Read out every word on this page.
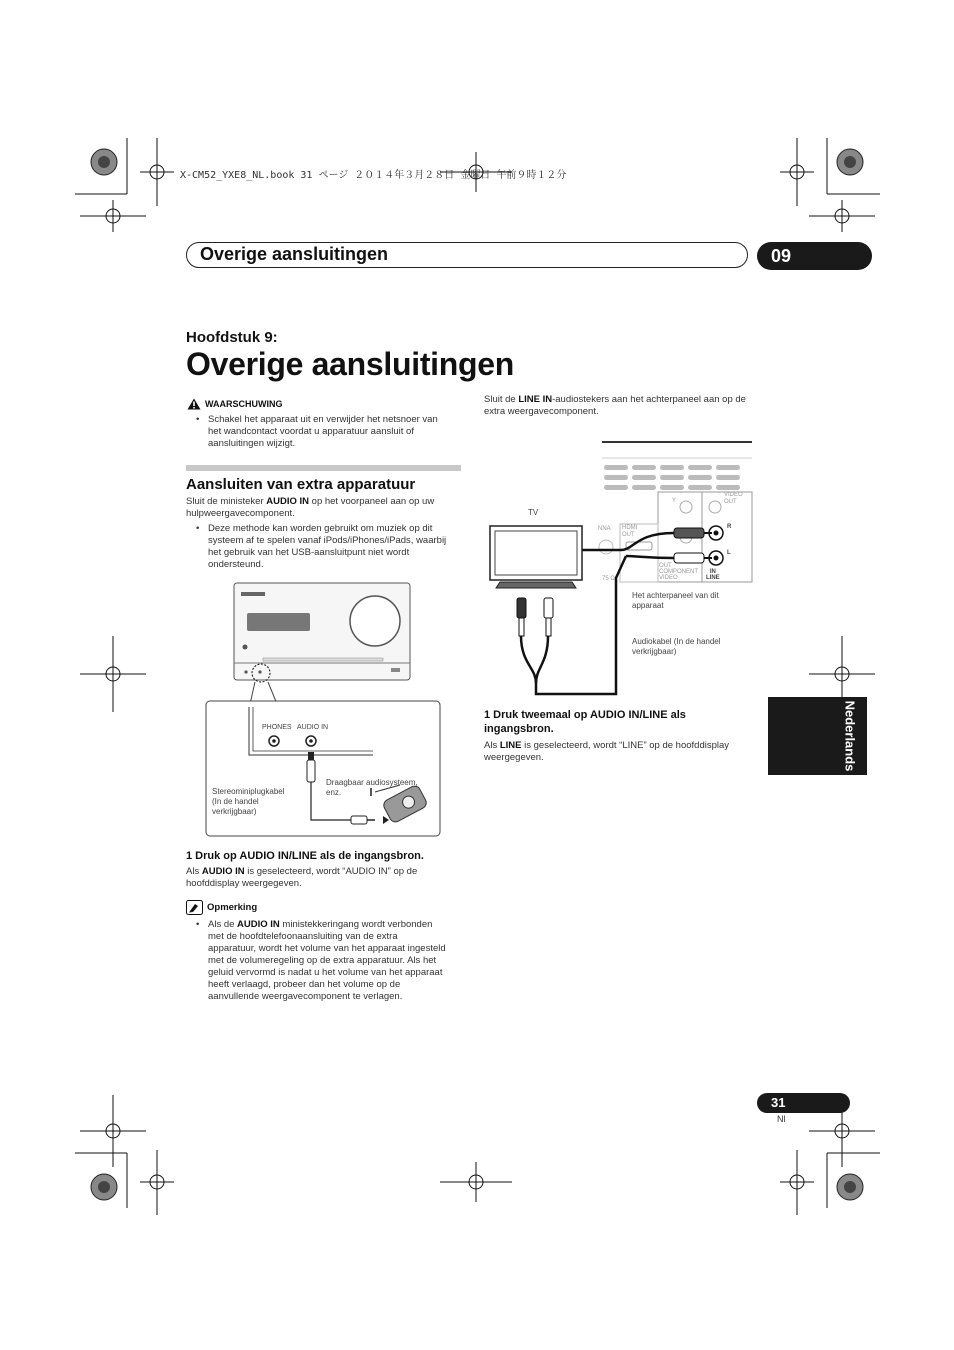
X-CM52_YXE8_NL.book 31 ページ ２０１４年３月２８日 金曜日 午前９時１２分
Overige aansluitingen	09
Hoofdstuk 9:
Overige aansluitingen
WAARSCHUWING
• Schakel het apparaat uit en verwijder het netsnoer van
het wandcontact voordat u apparatuur aansluit of
aansluitingen wijzigt.
Aansluiten van extra apparatuur
Sluit de ministeker AUDIO IN op het voorpaneel aan op uw
hulpweergavecomponent.
• Deze methode kan worden gebruikt om muziek op dit
systeem af te spelen vanaf iPods/iPhones/iPads, waarbij
het gebruik van het USB-aansluitpunt niet wordt
ondersteund.
PHONES AUDIO IN
Stereominiplugkabel
(In de handel
verkrijgbaar)
Draagbaar audiosysteem,
enz.
1 Druk op AUDIO IN/LINE als de ingangsbron.
Als AUDIO IN is geselecteerd, wordt “AUDIO IN” op de
hoofddisplay weergegeven.
Opmerking
• Als de AUDIO IN ministekkeringang wordt verbonden
met de hoofdtelefoonaansluiting van de extra
apparatuur, wordt het volume van het apparaat ingesteld
met de volumeregeling op de extra apparatuur. Als het
geluid vervormd is nadat u het volume van het apparaat
heeft verlaagd, probeer dan het volume op de
aanvullende weergavecomponent te verlagen.
Sluit de LINE IN-audiostekers aan het achterpaneel aan op de
extra weergavecomponent.
TV
NNA HDMI
OUT
75 Ω
Y
VIDEO
OUT
R
L
OUT
COMPONENT
VIDEO
IN
LINE
Het achterpaneel van dit
apparaat
Audiokabel (In de handel
verkrijgbaar)
1 Druk tweemaal op AUDIO IN/LINE als
ingangsbron.
Als LINE is geselecteerd, wordt “LINE” op de hoofddisplay
weergegeven.	Nederlands
31
Nl
